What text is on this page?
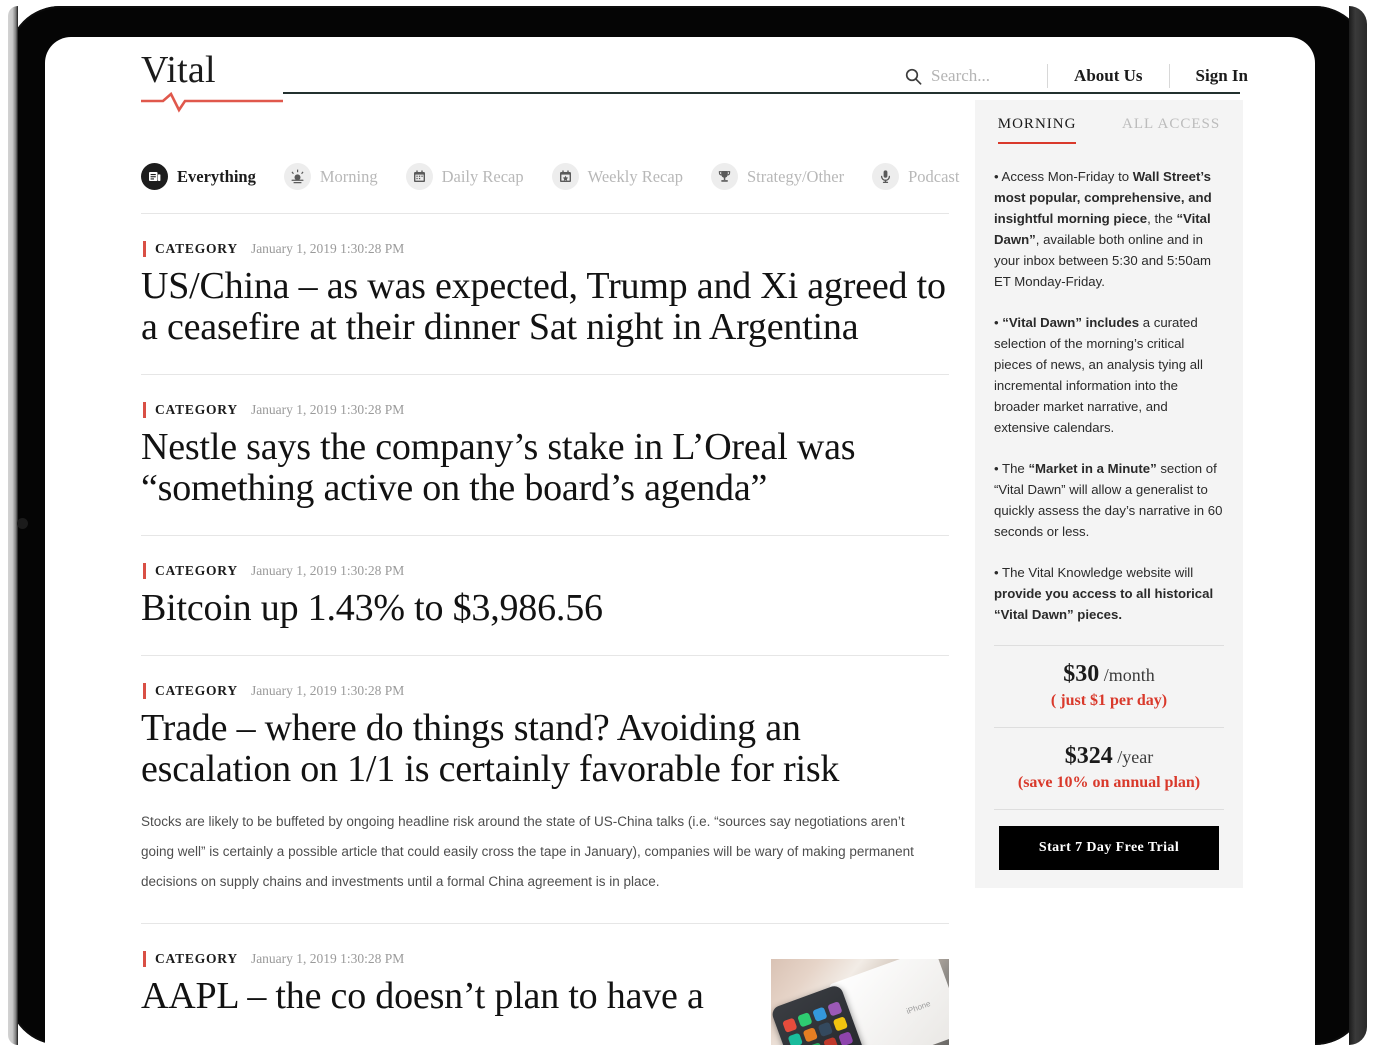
Vital
Search...	About Us	Sign In
Everything	Morning	Daily Recap	Weekly Recap	Strategy/Other	Podcast
CATEGORY January 1, 2019 1:30:28 PM
US/China – as was expected, Trump and Xi agreed to a ceasefire at their dinner Sat night in Argentina
CATEGORY January 1, 2019 1:30:28 PM
Nestle says the company’s stake in L’Oreal was “something active on the board’s agenda”
CATEGORY January 1, 2019 1:30:28 PM
Bitcoin up 1.43% to $3,986.56
CATEGORY January 1, 2019 1:30:28 PM
Trade – where do things stand? Avoiding an escalation on 1/1 is certainly favorable for risk
Stocks are likely to be buffeted by ongoing headline risk around the state of US-China talks (i.e. “sources say negotiations aren’t going well” is certainly a possible article that could easily cross the tape in January), companies will be wary of making permanent decisions on supply chains and investments until a formal China agreement is in place.
CATEGORY January 1, 2019 1:30:28 PM
AAPL – the co doesn’t plan to have a	iPhone
MORNING	ALL ACCESS

• Access Mon-Friday to Wall Street’s most popular, comprehensive, and insightful morning piece, the “Vital Dawn”, available both online and in your inbox between 5:30 and 5:50am ET Monday-Friday.

• “Vital Dawn” includes a curated selection of the morning’s critical pieces of news, an analysis tying all incremental information into the broader market narrative, and extensive calendars.

• The “Market in a Minute” section of “Vital Dawn” will allow a generalist to quickly assess the day’s narrative in 60 seconds or less.

• The Vital Knowledge website will provide you access to all historical “Vital Dawn” pieces.

$30 /month
( just $1 per day)
$324 /year
(save 10% on annual plan)
Start 7 Day Free Trial
